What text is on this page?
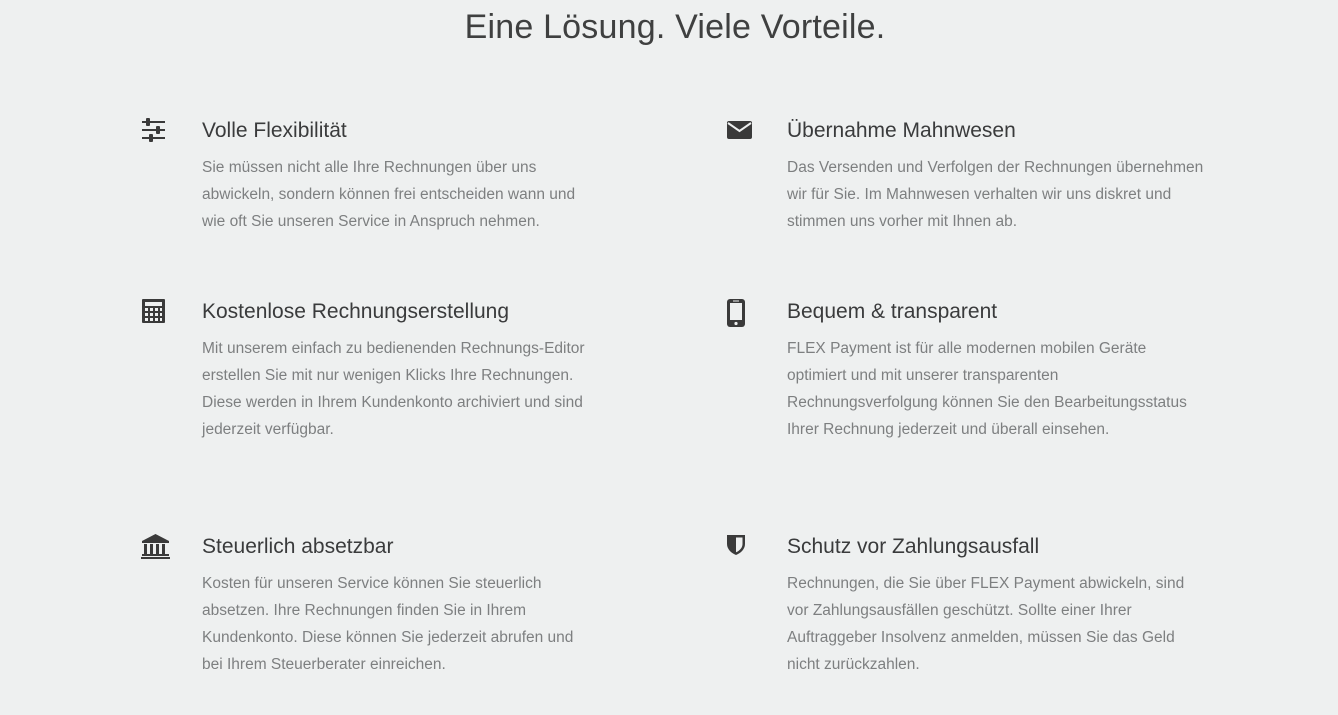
Eine Lösung. Viele Vorteile.
Volle Flexibilität

Sie müssen nicht alle Ihre Rechnungen über uns abwickeln, sondern können frei entscheiden wann und wie oft Sie unseren Service in Anspruch nehmen.

Übernahme Mahnwesen

Das Versenden und Verfolgen der Rechnungen übernehmen wir für Sie. Im Mahnwesen verhalten wir uns diskret und stimmen uns vorher mit Ihnen ab.

Kostenlose Rechnungserstellung

Mit unserem einfach zu bedienenden Rechnungs-Editor erstellen Sie mit nur wenigen Klicks Ihre Rechnungen. Diese werden in Ihrem Kundenkonto archiviert und sind jederzeit verfügbar.

Bequem & transparent

FLEX Payment ist für alle modernen mobilen Geräte optimiert und mit unserer transparenten Rechnungsverfolgung können Sie den Bearbeitungsstatus Ihrer Rechnung jederzeit und überall einsehen.

Steuerlich absetzbar

Kosten für unseren Service können Sie steuerlich absetzen. Ihre Rechnungen finden Sie in Ihrem Kundenkonto. Diese können Sie jederzeit abrufen und bei Ihrem Steuerberater einreichen.

Schutz vor Zahlungsausfall

Rechnungen, die Sie über FLEX Payment abwickeln, sind vor Zahlungsausfällen geschützt. Sollte einer Ihrer Auftraggeber Insolvenz anmelden, müssen Sie das Geld nicht zurückzahlen.
